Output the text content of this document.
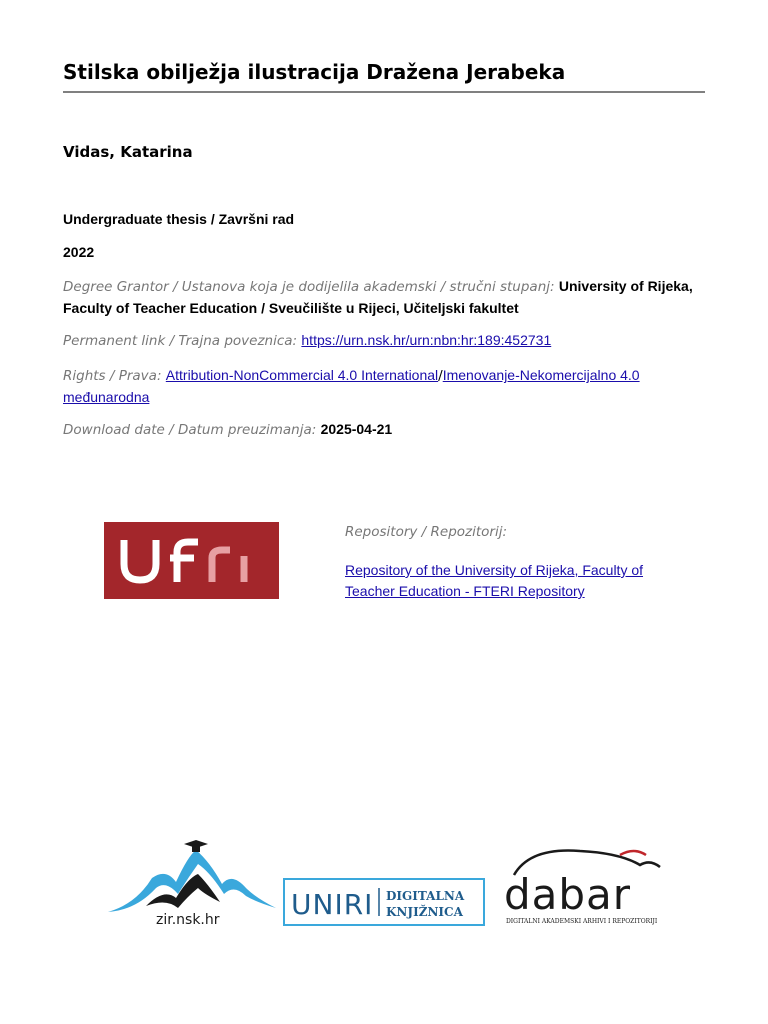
Stilska obilježja ilustracija Dražena Jerabeka
Vidas, Katarina
Undergraduate thesis / Završni rad
2022
Degree Grantor / Ustanova koja je dodijelila akademski / stručni stupanj: University of Rijeka, Faculty of Teacher Education / Sveučilište u Rijeci, Učiteljski fakultet
Permanent link / Trajna poveznica: https://urn.nsk.hr/urn:nbn:hr:189:452731
Rights / Prava: Attribution-NonCommercial 4.0 International/Imenovanje-Nekomercijalno 4.0 međunarodna
Download date / Datum preuzimanja: 2025-04-21
Repository / Repozitorij:
Repository of the University of Rijeka, Faculty of Teacher Education - FTERI Repository
zir.nsk.hr	UNIRI DIGITALNA
KNJIŽNICA dabar
DIGITALNI AKADEMSKI ARHIVI I REPOZITORIJI
